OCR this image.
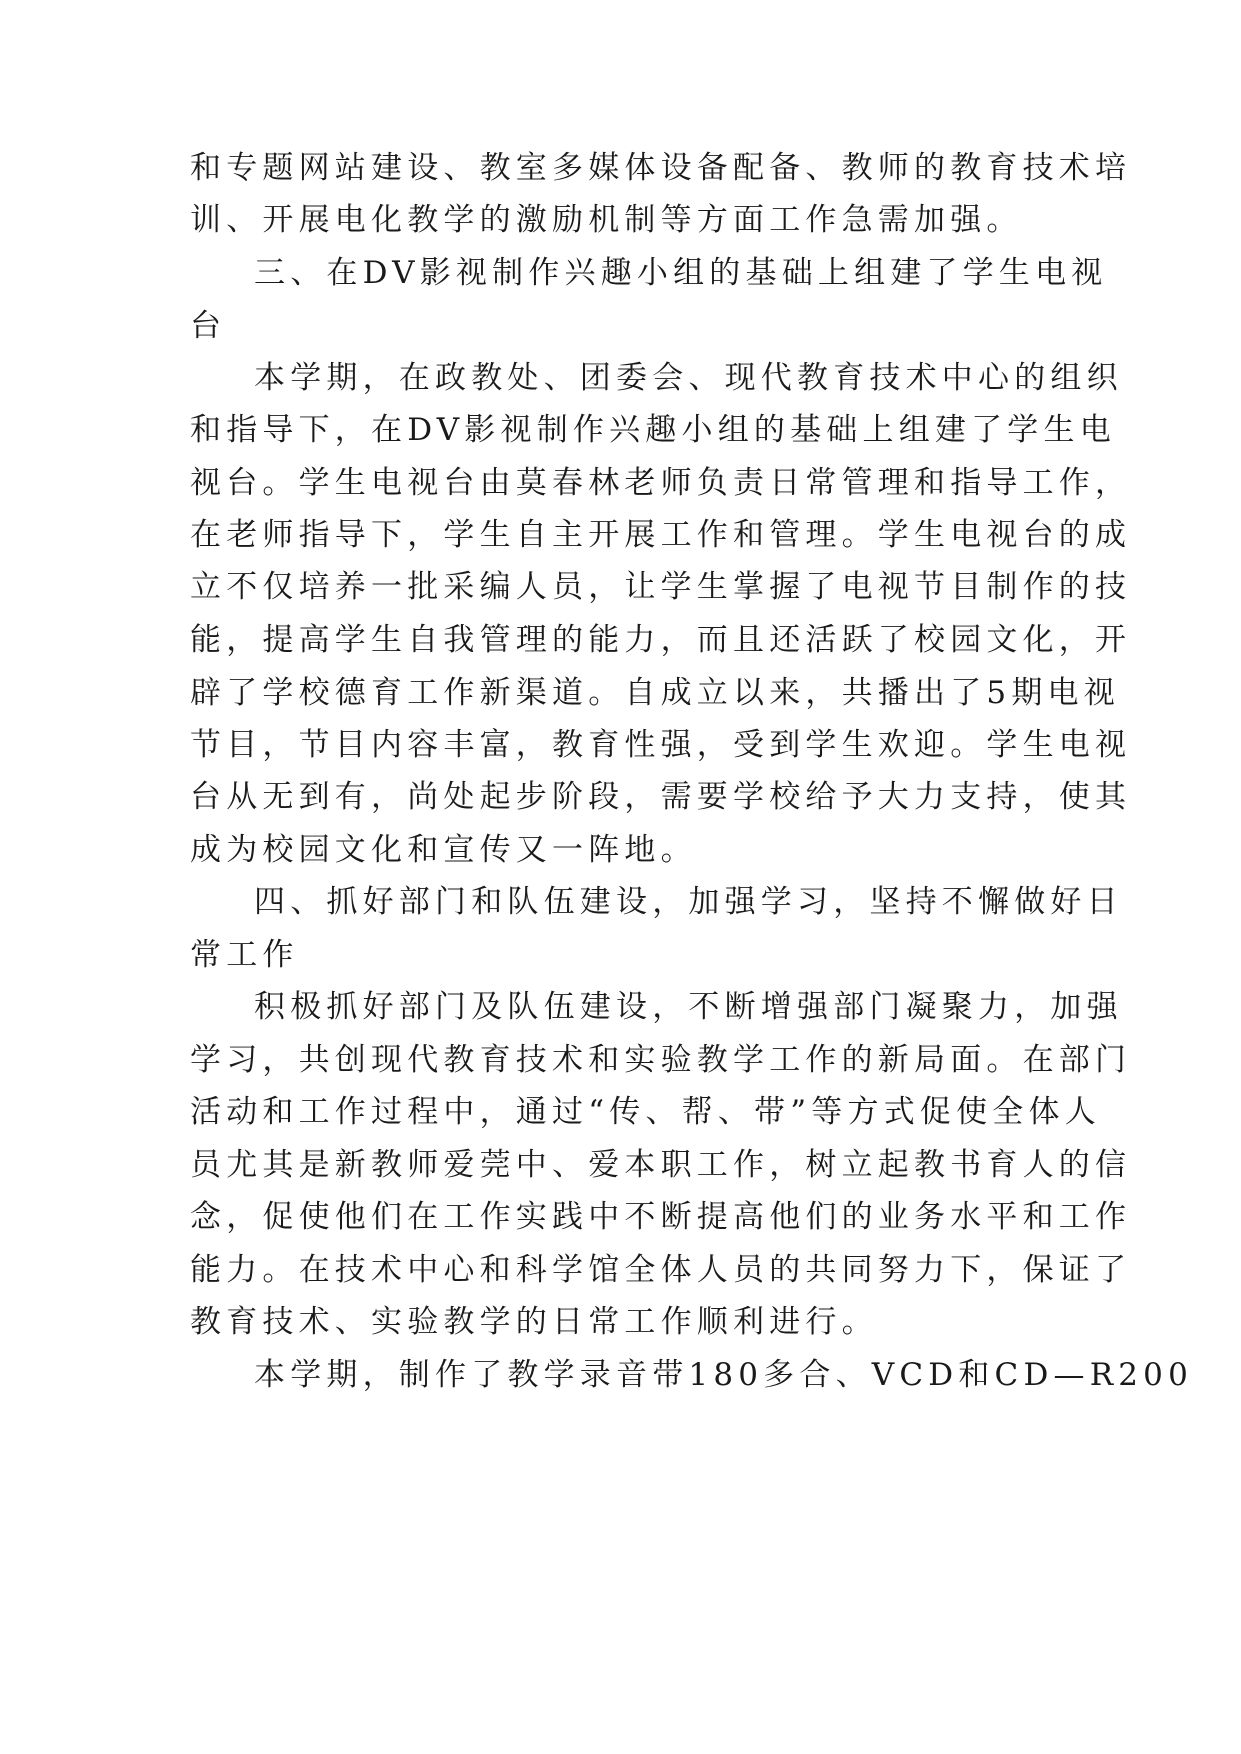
和专题网站建设、教室多媒体设备配备、教师的教育技术培
训、开展电化教学的激励机制等方面工作急需加强。
三、在DV影视制作兴趣小组的基础上组建了学生电视
台
本学期，在政教处、团委会、现代教育技术中心的组织
和指导下，在DV影视制作兴趣小组的基础上组建了学生电
视台。学生电视台由莫春林老师负责日常管理和指导工作，
在老师指导下，学生自主开展工作和管理。学生电视台的成
立不仅培养一批采编人员，让学生掌握了电视节目制作的技
能，提高学生自我管理的能力，而且还活跃了校园文化，开
辟了学校德育工作新渠道。自成立以来，共播出了5期电视
节目，节目内容丰富，教育性强，受到学生欢迎。学生电视
台从无到有，尚处起步阶段，需要学校给予大力支持，使其
成为校园文化和宣传又一阵地。
四、抓好部门和队伍建设，加强学习，坚持不懈做好日
常工作
积极抓好部门及队伍建设，不断增强部门凝聚力，加强
学习，共创现代教育技术和实验教学工作的新局面。在部门
活动和工作过程中，通过“传、帮、带”等方式促使全体人
员尤其是新教师爱莞中、爱本职工作，树立起教书育人的信
念，促使他们在工作实践中不断提高他们的业务水平和工作
能力。在技术中心和科学馆全体人员的共同努力下，保证了
教育技术、实验教学的日常工作顺利进行。
本学期，制作了教学录音带180多合、VCD和CD—R200
